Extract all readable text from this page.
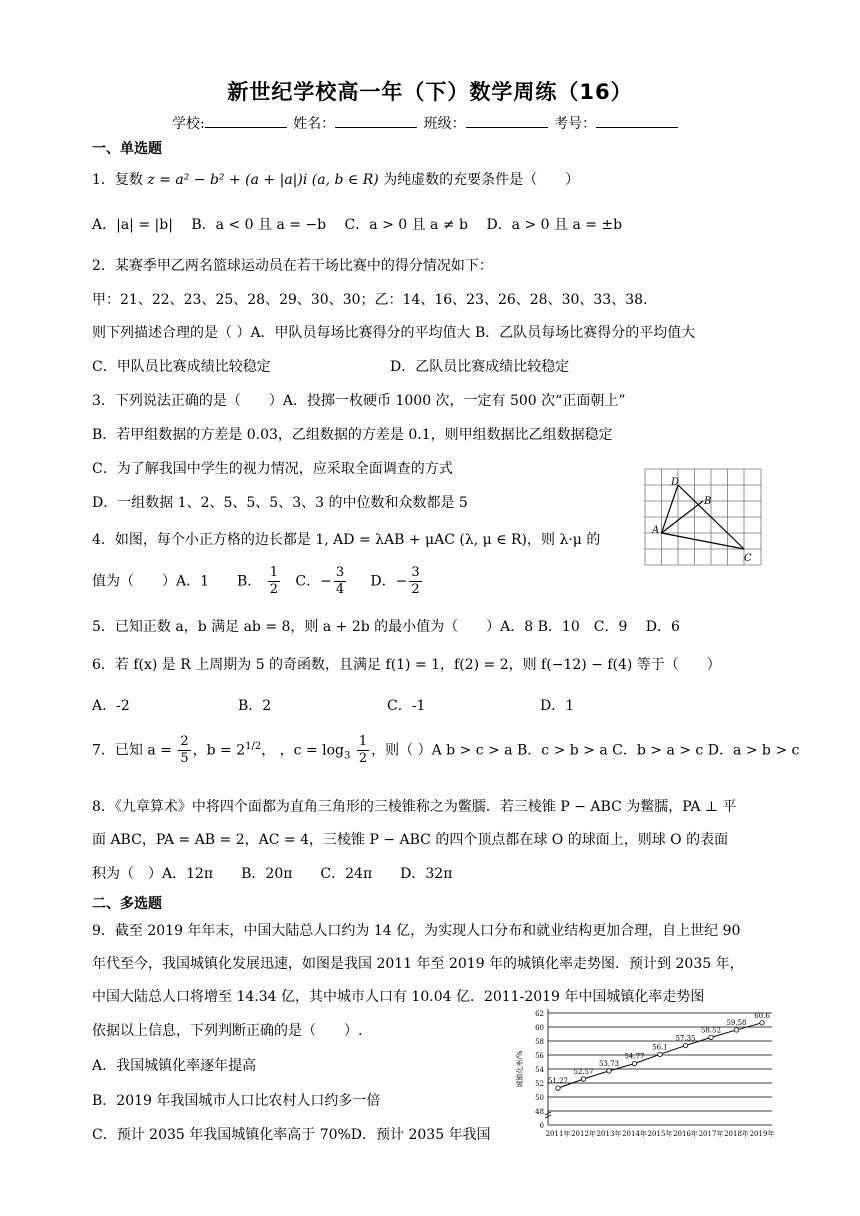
新世纪学校高一年（下）数学周练（16）
学校:	姓名：	班级：	考号：
一、单选题
1．复数 z = a² − b² + (a + |a|)i (a, b ∈ R) 为纯虚数的充要条件是（　　）
A．|a| = |b|　 B．a < 0 且 a = −b　 C．a > 0 且 a ≠ b　 D．a > 0 且 a = ±b
2．某赛季甲乙两名篮球运动员在若干场比赛中的得分情况如下：
甲：21、22、23、25、28、29、30、30；乙：14、16、23、26、28、30、33、38.
则下列描述合理的是（ ）A．甲队员每场比赛得分的平均值大 B．乙队员每场比赛得分的平均值大
C．甲队员比赛成绩比较稳定	D．乙队员比赛成绩比较稳定
3．下列说法正确的是（　　）A．投掷一枚硬币 1000 次，一定有 500 次“正面朝上”
B．若甲组数据的方差是 0.03，乙组数据的方差是 0.1，则甲组数据比乙组数据稳定
C．为了解我国中学生的视力情况，应采取全面调查的方式
D．一组数据 1、2、5、5、5、3、3 的中位数和众数都是 5
D
B
A
C
4．如图，每个小正方格的边长都是 1, AD = λAB + μAC (λ, μ ∈ R)，则 λ·μ 的
值为（　　）A．1　　B． $\frac{1}{2}$ C．− $\frac{3}{4}$ D．− $\frac{3}{2}$
5．已知正数 a，b 满足 ab = 8，则 a + 2b 的最小值为（　　）A．8 B．10　C．9　 D．6
6．若 f(x) 是 R 上周期为 5 的奇函数，且满足 f(1) = 1，f(2) = 2，则 f(−12) − f(4) 等于（　　）
A．-2	B．2	C．-1	D．1
7．已知 $a = \frac{2}{5}$ ，$b = 2^{1/2}$， ，$c = \log_3 \frac{1}{2}$ ，则（ ）A b > c > a B．c > b > a C．b > a > c D．a > b > c
8．《九章算术》中将四个面都为直角三角形的三棱锥称之为鳖臑．若三棱锥 P − ABC 为鳖臑，PA ⊥ 平
面 ABC，PA = AB = 2，AC = 4，三棱锥 P − ABC 的四个顶点都在球 O 的球面上，则球 O 的表面
积为（　）A．12π　　B．20π　　C．24π　　D．32π
二、多选题
9．截至 2019 年年末，中国大陆总人口约为 14 亿，为实现人口分布和就业结构更加合理，自上世纪 90
年代至今，我国城镇化发展迅速，如图是我国 2011 年至 2019 年的城镇化率走势图．预计到 2035 年，
中国大陆总人口将增至 14.34 亿，其中城市人口有 10.04 亿．2011-2019 年中国城镇化率走势图
依据以上信息，下列判断正确的是（　　）.
A．我国城镇化率逐年提高
B．2019 年我国城市人口比农村人口约多一倍
C．预计 2035 年我国城镇化率高于 70%D．预计 2035 年我国
0
48
50
52
54
56
58
60
62
城镇化率/%	51.27
2011年
52.57
2012年
53.73
2013年
54.77
2014年
56.1
2015年
57.35
2016年
58.52
2017年
59.58
2018年
60.6
2019年
